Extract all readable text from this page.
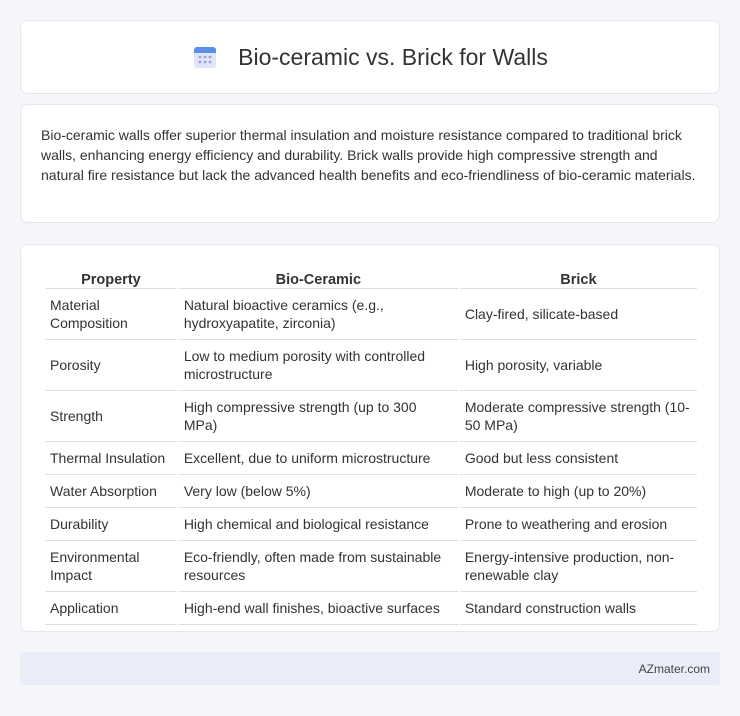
Bio-ceramic vs. Brick for Walls

Bio-ceramic walls offer superior thermal insulation and moisture resistance compared to traditional brick walls, enhancing energy efficiency and durability. Brick walls provide high compressive strength and natural fire resistance but lack the advanced health benefits and eco-friendliness of bio-ceramic materials.

Property	Bio-Ceramic	Brick
Material Composition	Natural bioactive ceramics (e.g., hydroxyapatite, zirconia)	Clay-fired, silicate-based
Porosity	Low to medium porosity with controlled microstructure	High porosity, variable
Strength	High compressive strength (up to 300 MPa)	Moderate compressive strength (10-50 MPa)
Thermal Insulation	Excellent, due to uniform microstructure	Good but less consistent
Water Absorption	Very low (below 5%)	Moderate to high (up to 20%)
Durability	High chemical and biological resistance	Prone to weathering and erosion
Environmental Impact	Eco-friendly, often made from sustainable resources	Energy-intensive production, non-renewable clay
Application	High-end wall finishes, bioactive surfaces	Standard construction walls
AZmater.com
